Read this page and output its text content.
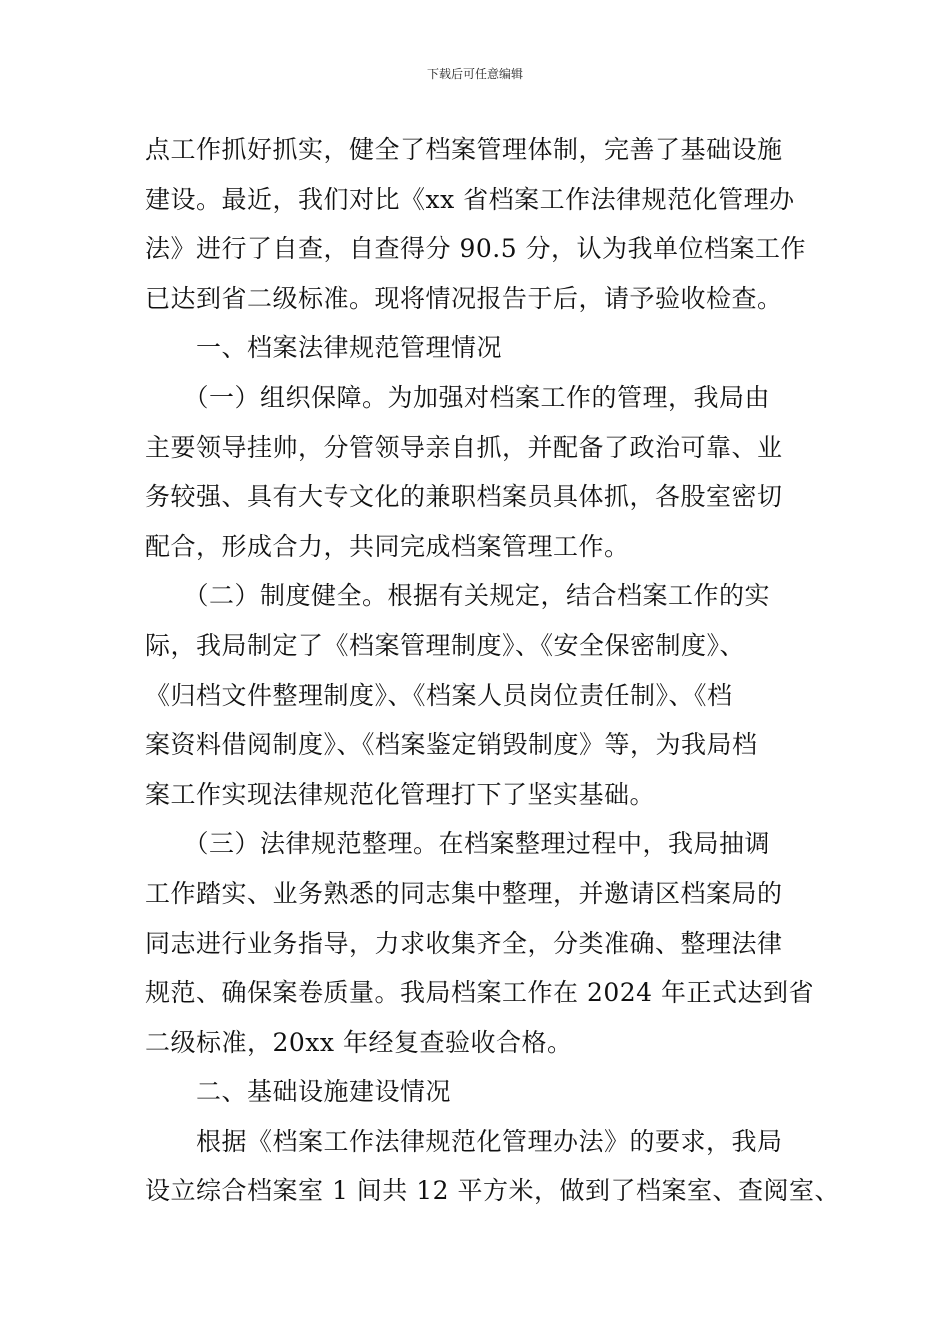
下载后可任意编辑
点工作抓好抓实，健全了档案管理体制，完善了基础设施
建设。最近，我们对比《xx 省档案工作法律规范化管理办
法》进行了自查，自查得分 90.5 分，认为我单位档案工作
已达到省二级标准。现将情况报告于后，请予验收检查。
　　一、档案法律规范管理情况
　　（一）组织保障。为加强对档案工作的管理，我局由
主要领导挂帅，分管领导亲自抓，并配备了政治可靠、业
务较强、具有大专文化的兼职档案员具体抓，各股室密切
配合，形成合力，共同完成档案管理工作。
　　（二）制度健全。根据有关规定，结合档案工作的实
际，我局制定了《档案管理制度》、《安全保密制度》、
《归档文件整理制度》、《档案人员岗位责任制》、《档
案资料借阅制度》、《档案鉴定销毁制度》等，为我局档
案工作实现法律规范化管理打下了坚实基础。
　　（三）法律规范整理。在档案整理过程中，我局抽调
工作踏实、业务熟悉的同志集中整理，并邀请区档案局的
同志进行业务指导，力求收集齐全，分类准确、整理法律
规范、确保案卷质量。我局档案工作在 2024 年正式达到省
二级标准，20xx 年经复查验收合格。
　　二、基础设施建设情况
　　根据《档案工作法律规范化管理办法》的要求，我局
设立综合档案室 1 间共 12 平方米，做到了档案室、查阅室、
